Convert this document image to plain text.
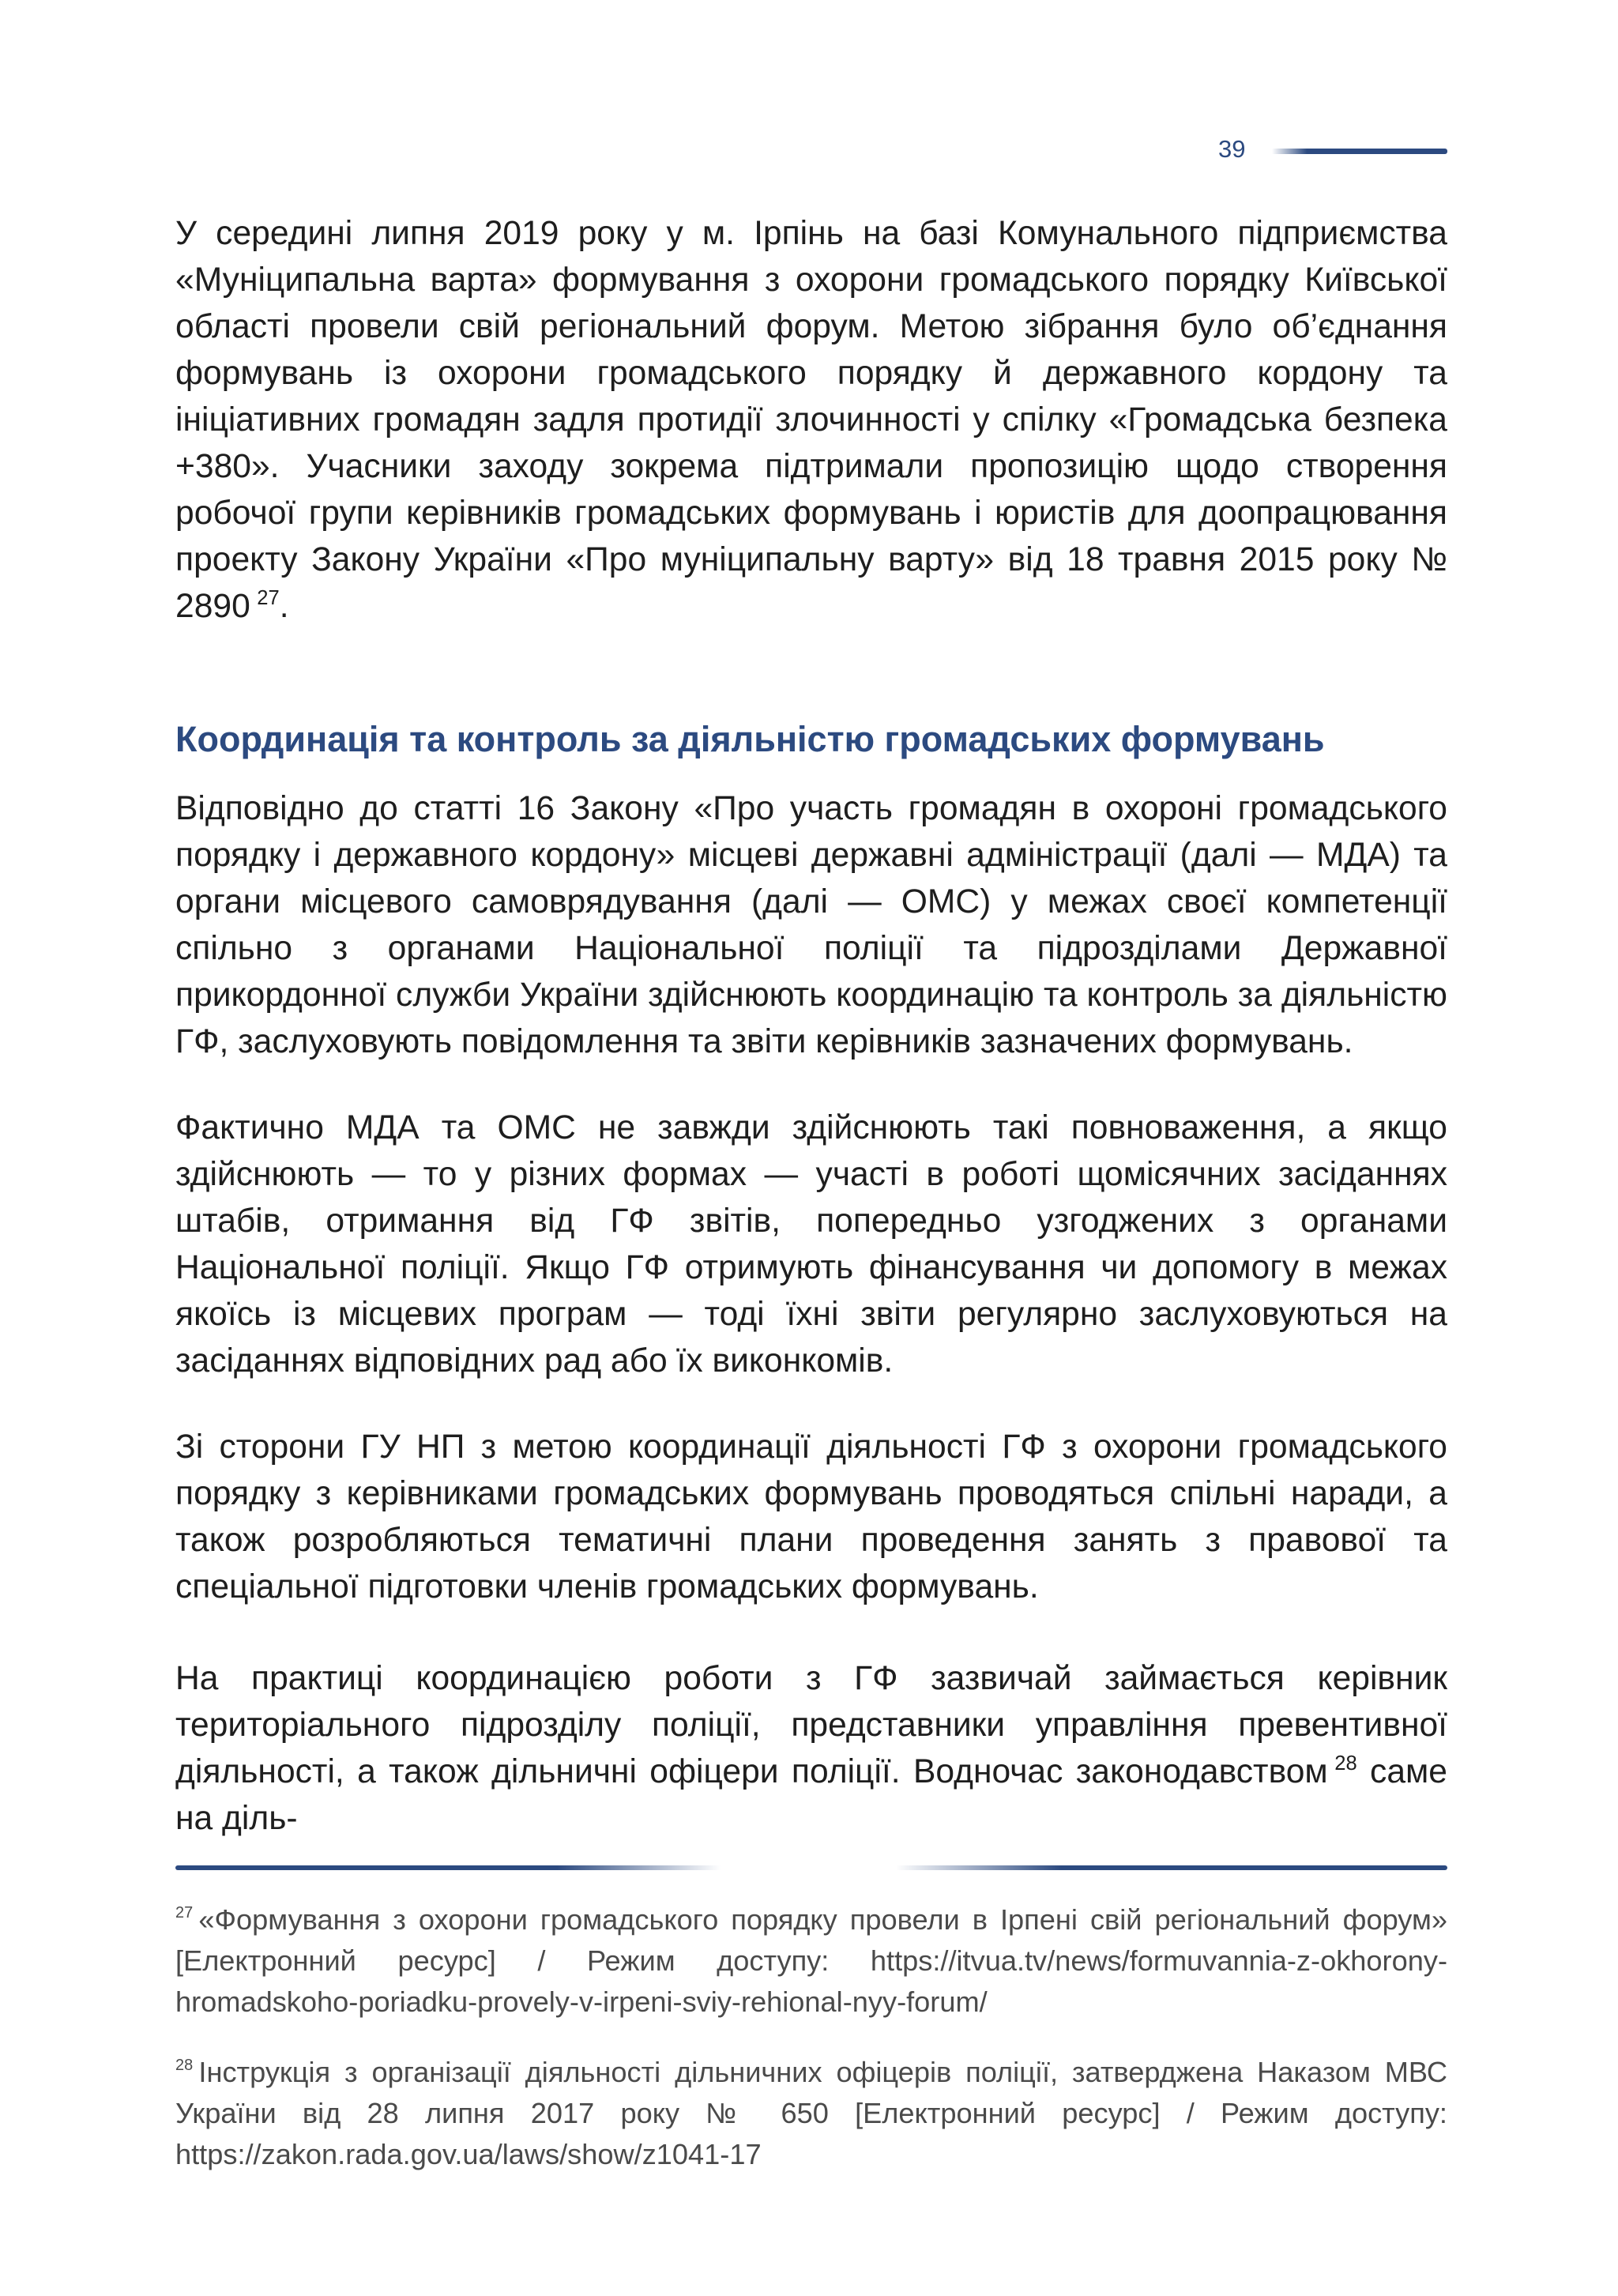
39
У середині липня 2019 року у м. Ірпінь на базі Комунального підприємства «Муніципальна варта» формування з охорони громадського порядку Київської області провели свій регіональний форум. Метою зібрання було об’єднання формувань із охорони громадського порядку й державного кордону та ініціативних громадян задля протидії злочинності у спілку «Громадська безпека +380». Учасники заходу зокрема підтримали пропозицію щодо створення робочої групи керівників громадських формувань і юристів для доопрацювання проекту Закону України «Про муніципальну варту» від 18 травня 2015 року № 2890  $^{27}$.
Координація та контроль за діяльністю громадських формувань
Відповідно до статті 16 Закону «Про участь громадян в охороні громадського порядку і державного кордону» місцеві державні адміністрації (далі — МДА) та органи місцевого самоврядування (далі — ОМС) у межах своєї компетенції спільно з органами Національної поліції та підрозділами Державної прикордонної служби України здійснюють координацію та контроль за діяльністю ГФ, заслуховують повідомлення та звіти керівників зазначених формувань.
Фактично МДА та ОМС не завжди здійснюють такі повноваження, а якщо здійснюють — то у різних формах — участі в роботі щомісячних засіданнях штабів, отримання від ГФ звітів, попередньо узгоджених з органами Національної поліції. Якщо ГФ отримують фінансування чи допомогу в межах якоїсь із місцевих програм — тоді їхні звіти регулярно заслуховуються на засіданнях відповідних рад або їх виконкомів.
Зі сторони ГУ НП з метою координації діяльності ГФ з охорони громадського порядку з керівниками громадських формувань проводяться спільні наради, а також розробляються тематичні плани проведення занять з правової та спеціальної підготовки членів громадських формувань.
На практиці координацією роботи з ГФ зазвичай займається керівник територіального підрозділу поліції, представники управління превентивної діяльності, а також дільничні офіцери поліції. Водночас законодавством  $^{28}$ саме на діль-
$^{27}$  «Формування з охорони громадського порядку провели в Ірпені свій регіональний форум» [Електронний ресурс] / Режим доступу: https://itvua.tv/news/formuvannia-z-okhorony-hromadskoho-poriadku-provely-v-irpeni-sviy-rehional-nyy-forum/
$^{28}$  Інструкція з організації діяльності дільничних офіцерів поліції, затверджена Наказом МВС України від 28 липня 2017 року № 650 [Електронний ресурс] / Режим доступу: https://zakon.rada.gov.ua/laws/show/z1041-17
